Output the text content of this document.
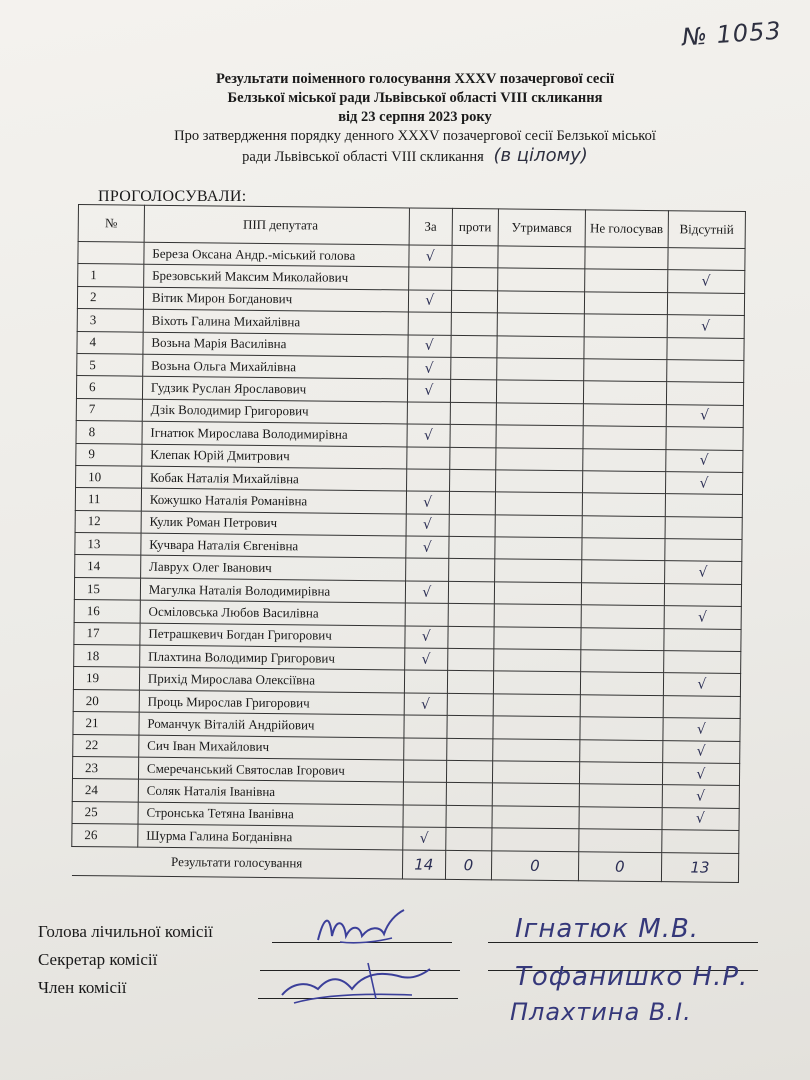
№ 1053
Результати поіменного голосування XXXV позачергової сесії
Белзької міської ради Львівської області VIII скликання
від 23 серпня 2023 року
Про затвердження порядку денного XXXV позачергової сесії Белзької міської
ради Львівської області VIII скликання (в цілому)
ПРОГОЛОСУВАЛИ:
№	ПІП депутата	За	проти	Утримався	Не голосував	Відсутній
	Береза Оксана Андр.-міський голова	√				
1	Брезовський Максим Миколайович					√
2	Вітик Мирон Богданович	√				
3	Віхоть Галина Михайлівна					√
4	Возьна Марія Василівна	√				
5	Возьна Ольга Михайлівна	√				
6	Гудзик Руслан Ярославович	√				
7	Дзік Володимир Григорович					√
8	Ігнатюк Мирослава Володимирівна	√				
9	Клепак Юрій Дмитрович					√
10	Кобак Наталія Михайлівна					√
11	Кожушко Наталія Романівна	√				
12	Кулик Роман Петрович	√				
13	Кучвара Наталія Євгенівна	√				
14	Лаврух Олег Іванович					√
15	Магулка Наталія Володимирівна	√				
16	Осміловська Любов Василівна					√
17	Петрашкевич Богдан Григорович	√				
18	Плахтина Володимир Григорович	√				
19	Прихід Мирослава Олексіївна					√
20	Проць Мирослав Григорович	√				
21	Романчук Віталій Андрійович					√
22	Сич Іван Михайлович					√
23	Смеречанський Святослав Ігорович					√
24	Соляк Наталія Іванівна					√
25	Стронська Тетяна Іванівна					√
26	Шурма Галина Богданівна	√				
Результати голосування		14	0	0	0	13
Голова лічильної комісії	Ігнатюк М.В.
Секретар комісії
Член комісії	Тофанишко Н.Р.
Плахтина В.І.
